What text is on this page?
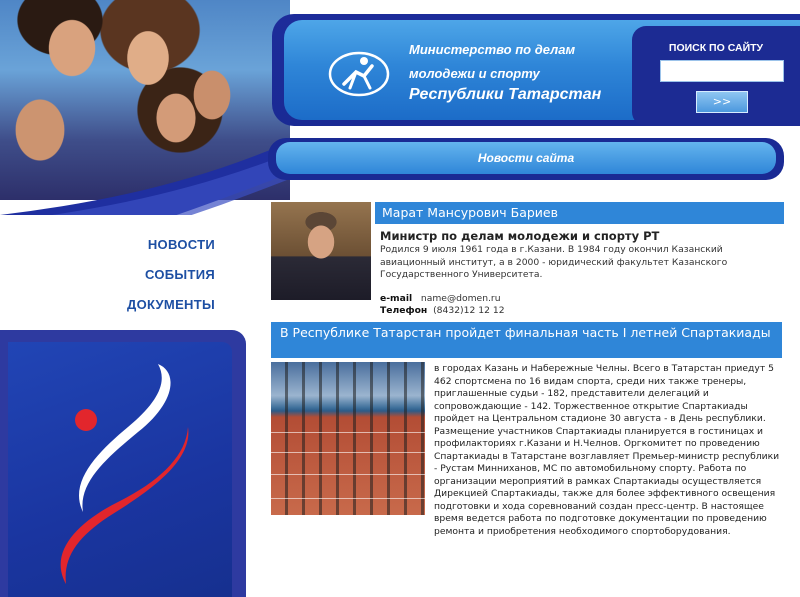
НОВОСТИ
СОБЫТИЯ
ДОКУМЕНТЫ
Министерство по делам
молодежи и спорту
Республики Татарстан
ПОИСК ПО САЙТУ
>>
Новости сайта
Марат Мансурович Бариев
Министр по делам молодежи и спорту РТ
Родился 9 июля 1961 года в г.Казани. В 1984 году окончил Казанский авиационный институт, а в 2000 - юридический факультет Казанского Государственного Университета.
e-mail name@domen.ru
Телефон (8432)12 12 12
В Республике Татарстан пройдет финальная часть I летней Спартакиады
в городах Казань и Набережные Челны. Всего в Татарстан приедут 5 462 спортсмена по 16 видам спорта, среди них также тренеры, приглашенные судьи - 182, представители делегаций и сопровождающие - 142. Торжественное открытие Спартакиады пройдет на Центральном стадионе 30 августа - в День республики. Размещение участников Спартакиады планируется в гостиницах и профилакториях г.Казани и Н.Челнов. Оргкомитет по проведению Спартакиады в Татарстане возглавляет Премьер-министр республики - Рустам Минниханов, МС по автомобильному спорту. Работа по организации мероприятий в рамках Спартакиады осуществляется Дирекцией Спартакиады, также для более эффективного освещения подготовки и хода соревнований создан пресс-центр. В настоящее время ведется работа по подготовке документации по проведению ремонта и приобретения необходимого спортоборудования.
